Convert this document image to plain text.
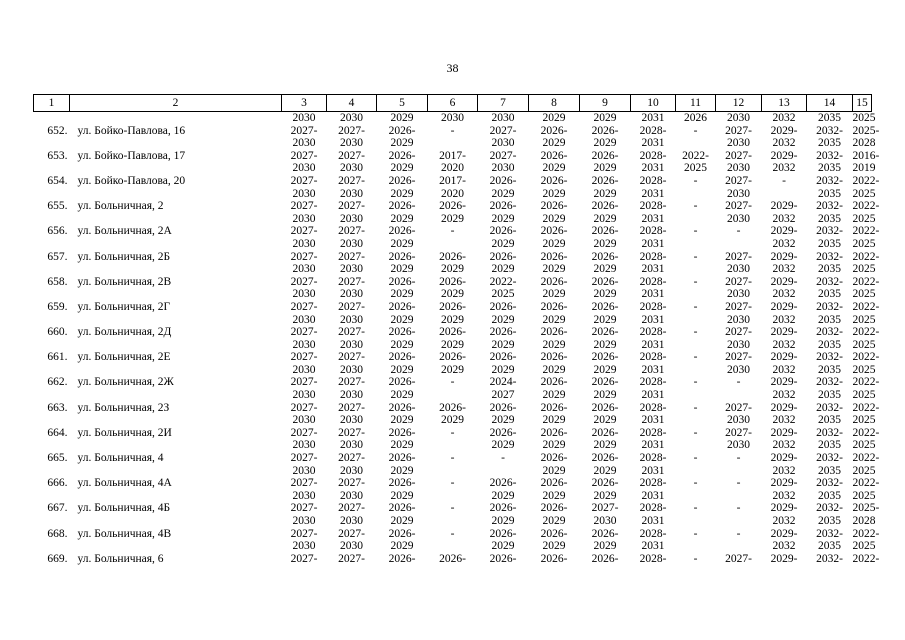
38
1	2	3	4	5	6	7	8	9	10	11	12	13	14	15
		2030	2030	2029	2030	2030	2029	2029	2031	2026	2030	2032	2035	2025
652.	ул. Бойко-Павлова, 16	2027-	2027-	2026-	-	2027-	2026-	2026-	2028-	-	2027-	2029-	2032-	2025-
		2030	2030	2029		2030	2029	2029	2031		2030	2032	2035	2028
653.	ул. Бойко-Павлова, 17	2027-	2027-	2026-	2017-	2027-	2026-	2026-	2028-	2022-	2027-	2029-	2032-	2016-
		2030	2030	2029	2020	2030	2029	2029	2031	2025	2030	2032	2035	2019
654.	ул. Бойко-Павлова, 20	2027-	2027-	2026-	2017-	2026-	2026-	2026-	2028-	-	2027-	-	2032-	2022-
		2030	2030	2029	2020	2029	2029	2029	2031		2030		2035	2025
655.	ул. Больничная, 2	2027-	2027-	2026-	2026-	2026-	2026-	2026-	2028-	-	2027-	2029-	2032-	2022-
		2030	2030	2029	2029	2029	2029	2029	2031		2030	2032	2035	2025
656.	ул. Больничная, 2А	2027-	2027-	2026-	-	2026-	2026-	2026-	2028-	-	-	2029-	2032-	2022-
		2030	2030	2029		2029	2029	2029	2031			2032	2035	2025
657.	ул. Больничная, 2Б	2027-	2027-	2026-	2026-	2026-	2026-	2026-	2028-	-	2027-	2029-	2032-	2022-
		2030	2030	2029	2029	2029	2029	2029	2031		2030	2032	2035	2025
658.	ул. Больничная, 2В	2027-	2027-	2026-	2026-	2022-	2026-	2026-	2028-	-	2027-	2029-	2032-	2022-
		2030	2030	2029	2029	2025	2029	2029	2031		2030	2032	2035	2025
659.	ул. Больничная, 2Г	2027-	2027-	2026-	2026-	2026-	2026-	2026-	2028-	-	2027-	2029-	2032-	2022-
		2030	2030	2029	2029	2029	2029	2029	2031		2030	2032	2035	2025
660.	ул. Больничная, 2Д	2027-	2027-	2026-	2026-	2026-	2026-	2026-	2028-	-	2027-	2029-	2032-	2022-
		2030	2030	2029	2029	2029	2029	2029	2031		2030	2032	2035	2025
661.	ул. Больничная, 2Е	2027-	2027-	2026-	2026-	2026-	2026-	2026-	2028-	-	2027-	2029-	2032-	2022-
		2030	2030	2029	2029	2029	2029	2029	2031		2030	2032	2035	2025
662.	ул. Больничная, 2Ж	2027-	2027-	2026-	-	2024-	2026-	2026-	2028-	-	-	2029-	2032-	2022-
		2030	2030	2029		2027	2029	2029	2031			2032	2035	2025
663.	ул. Больничная, 2З	2027-	2027-	2026-	2026-	2026-	2026-	2026-	2028-	-	2027-	2029-	2032-	2022-
		2030	2030	2029	2029	2029	2029	2029	2031		2030	2032	2035	2025
664.	ул. Больничная, 2И	2027-	2027-	2026-	-	2026-	2026-	2026-	2028-	-	2027-	2029-	2032-	2022-
		2030	2030	2029		2029	2029	2029	2031		2030	2032	2035	2025
665.	ул. Больничная, 4	2027-	2027-	2026-	-	-	2026-	2026-	2028-	-	-	2029-	2032-	2022-
		2030	2030	2029			2029	2029	2031			2032	2035	2025
666.	ул. Больничная, 4А	2027-	2027-	2026-	-	2026-	2026-	2026-	2028-	-	-	2029-	2032-	2022-
		2030	2030	2029		2029	2029	2029	2031			2032	2035	2025
667.	ул. Больничная, 4Б	2027-	2027-	2026-	-	2026-	2026-	2027-	2028-	-	-	2029-	2032-	2025-
		2030	2030	2029		2029	2029	2030	2031			2032	2035	2028
668.	ул. Больничная, 4В	2027-	2027-	2026-	-	2026-	2026-	2026-	2028-	-	-	2029-	2032-	2022-
		2030	2030	2029		2029	2029	2029	2031			2032	2035	2025
669.	ул. Больничная, 6	2027-	2027-	2026-	2026-	2026-	2026-	2026-	2028-	-	2027-	2029-	2032-	2022-
